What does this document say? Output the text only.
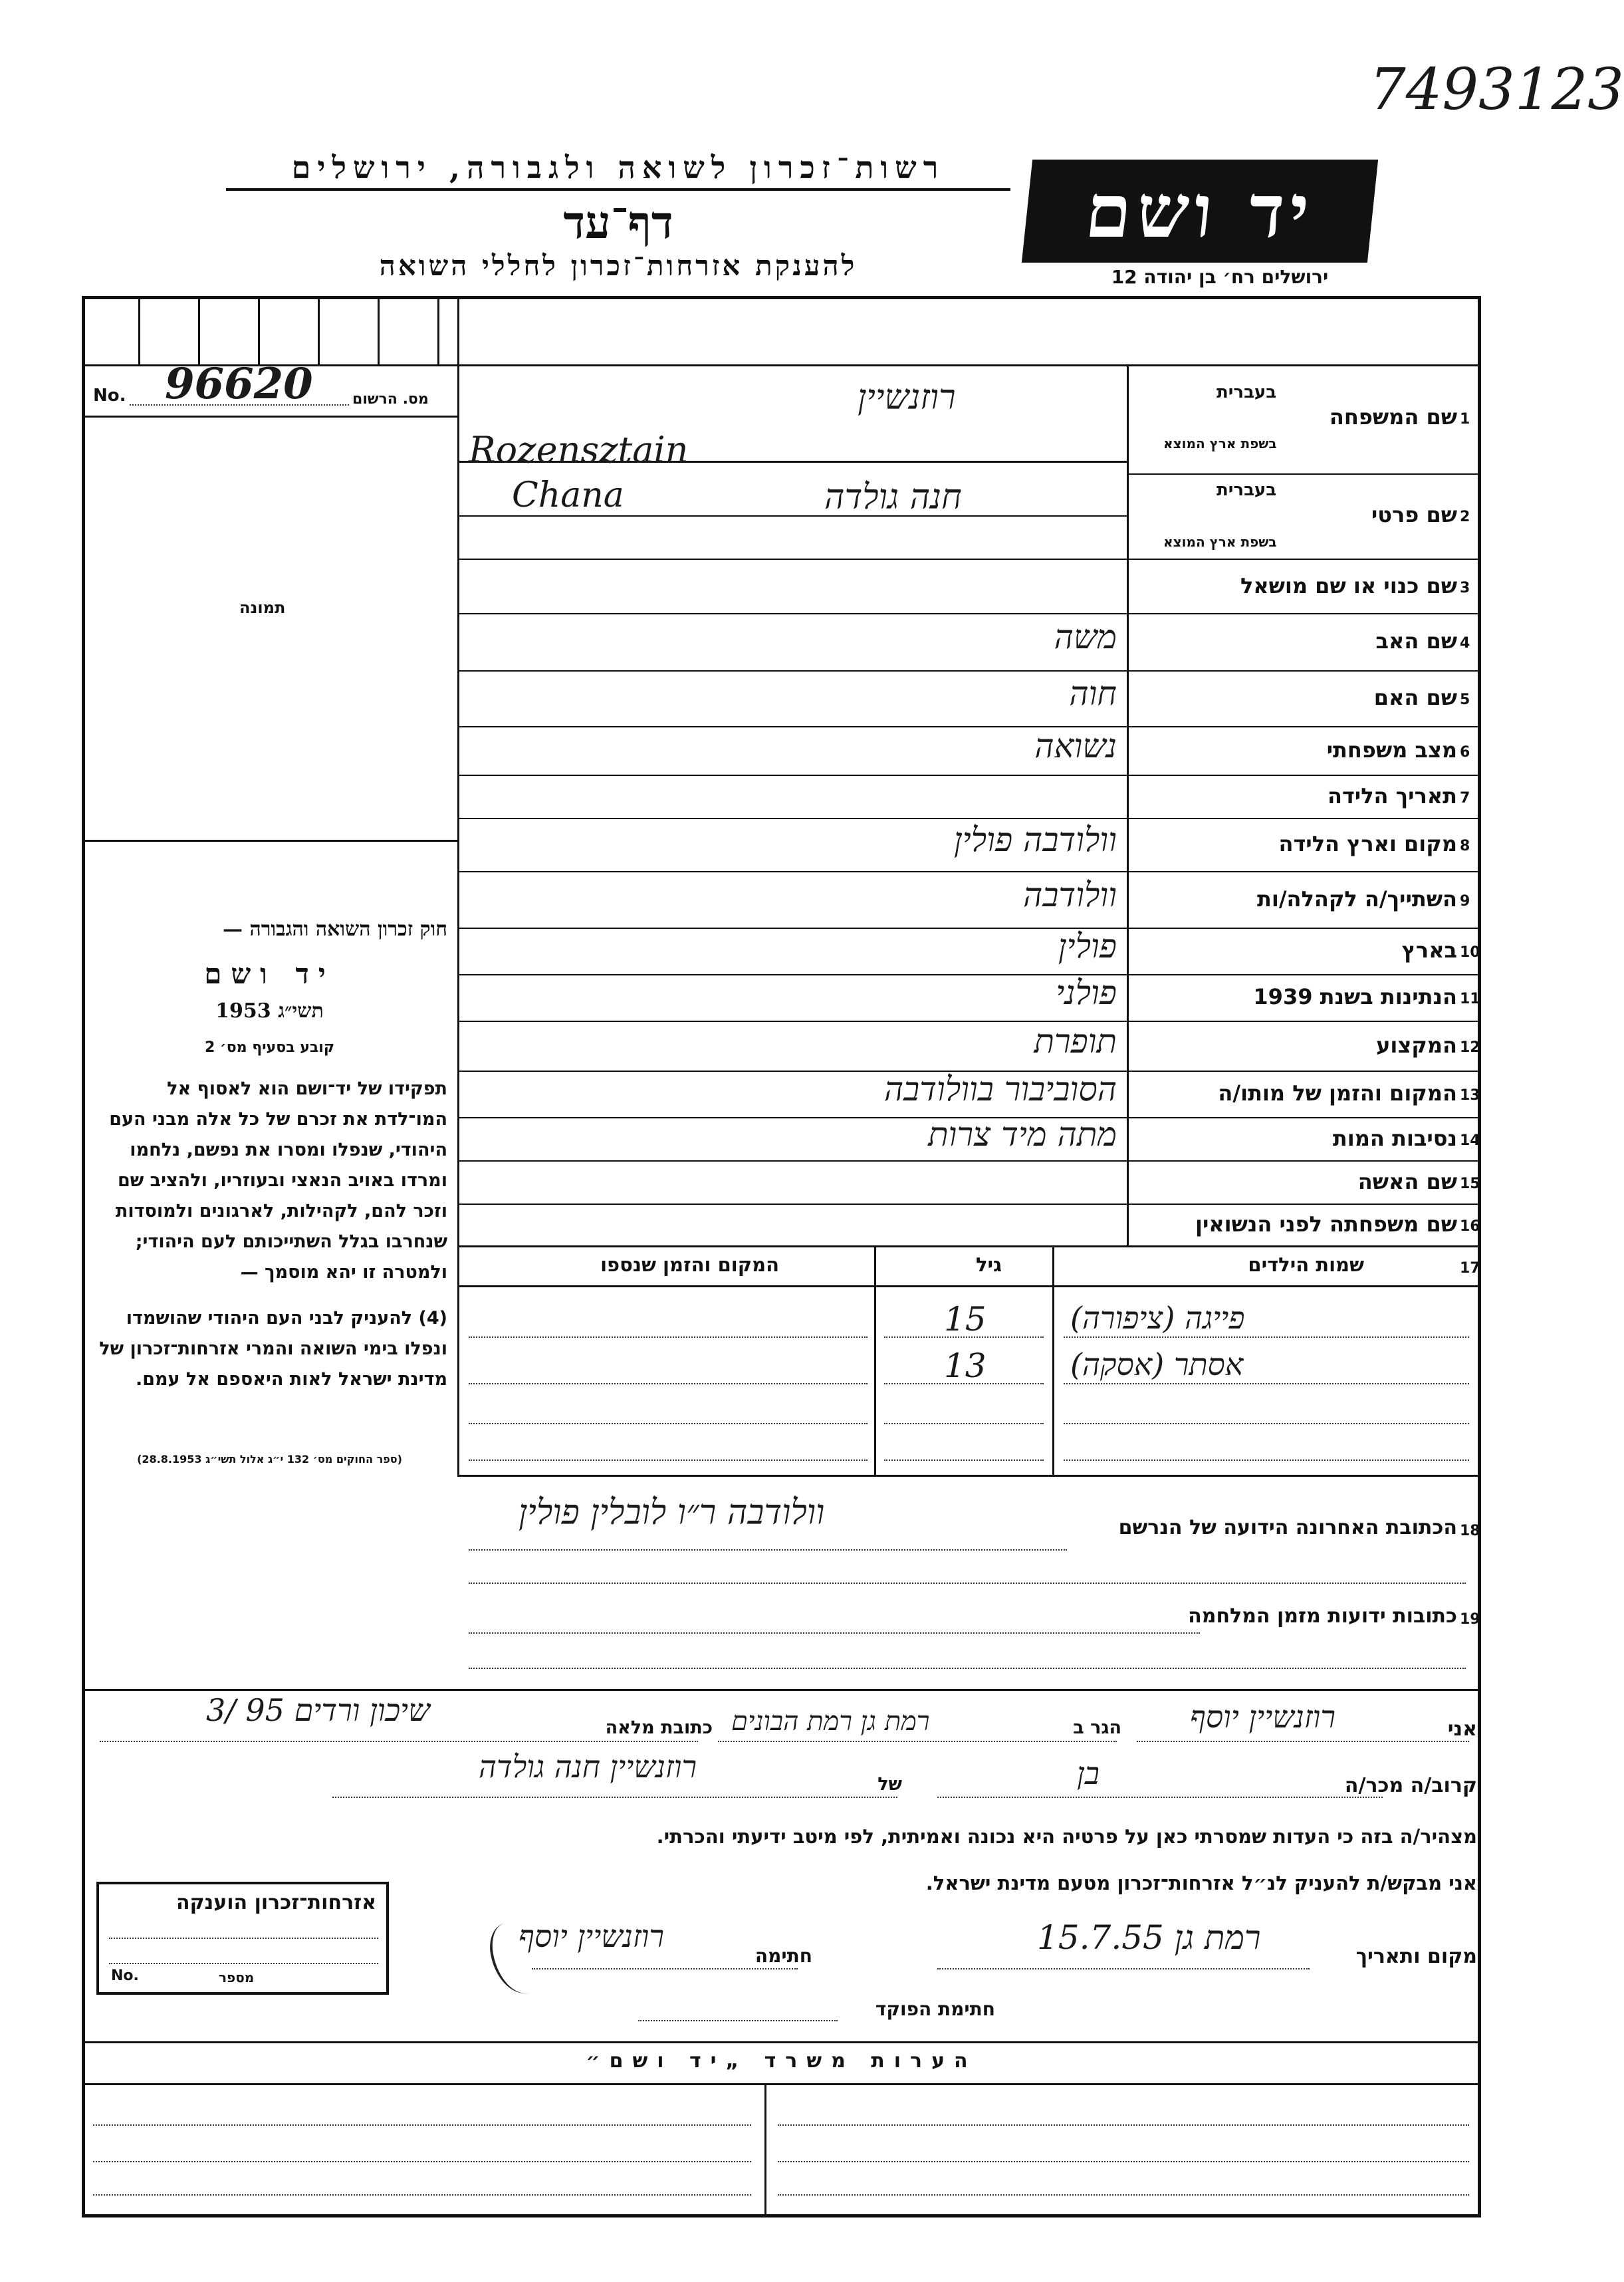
7493123
רשות־זכרון לשואה ולגבורה, ירושלים
דף־עד
להענקת אזרחות־זכרון לחללי השואה
יד ושם
ירושלים רח׳ בן יהודה 12
No.	מס. הרשום
96620
תמונה
חוק זכרון השואה והגבורה —
יד ושם
תשי״ג 1953
קובע בסעיף מס׳ 2
תפקידו של יד־ושם הוא לאסוף אל המו־לדת את זכרם של כל אלה מבני העם היהודי, שנפלו ומסרו את נפשם, נלחמו ומרדו באויב הנאצי ובעוזריו, ולהציב שם וזכר להם, לקהילות, לארגונים ולמוסדות שנחרבו בגלל השתייכותם לעם היהודי; ולמטרה זו יהא מוסמך —
(4) להעניק לבני העם היהודי שהושמדו ונפלו בימי השואה והמרי אזרחות־זכרון של מדינת ישראל לאות היאספם אל עמם.
(ספר החוקים מס׳ 132 י״ג אלול תשי״ג 28.8.1953)
בעברית
שם המשפחה 1
בשפת ארץ המוצא
רוזנשיין
Rozensztain
בעברית
שם פרטי 2
בשפת ארץ המוצא
חנה גולדה
Chana
שם כנוי או שם מושאל 3
שם האב 4
משה
שם האם 5
חוה
מצב משפחתי 6
נשואה
תאריך הלידה 7
מקום וארץ הלידה 8
וולודבה פולין
השתייך/ה לקהלה/ות 9
וולודבה
בארץ 10
פולין
הנתינות בשנת 1939 11
פולני
המקצוע 12
תופרת
המקום והזמן של מותו/ה 13
הסוביבור בוולודבה
נסיבות המות 14
מתה מיד צרות
שם האשה 15
שם משפחתה לפני הנשואין 16
שמות הילדים	17
גיל
המקום והזמן שנספו
פייגה (ציפורה)
15
אסתר (אסקה)
13
הכתובת האחרונה הידועה של הנרשם 18
וולודבה ר״ו לובלין פולין
כתובות ידועות מזמן המלחמה 19
אני
רוזנשיין יוסף
הגר ב
רמת גן רמת הבונים
כתובת מלאה
שיכון ורדים 95 /3
קרוב/ה מכר/ה
בן
של
רוזנשיין חנה גולדה
מצהיר/ה בזה כי העדות שמסרתי כאן על פרטיה היא נכונה ואמיתית, לפי מיטב ידיעתי והכרתי.
אני מבקש/ת להעניק לנ״ל אזרחות־זכרון מטעם מדינת ישראל.
מקום ותאריך
רמת גן 15.7.55
חתימה
רוזנשיין יוסף
חתימת הפוקד
אזרחות־זכרון הוענקה
No.	מספר
הערות משרד „יד ושם״
